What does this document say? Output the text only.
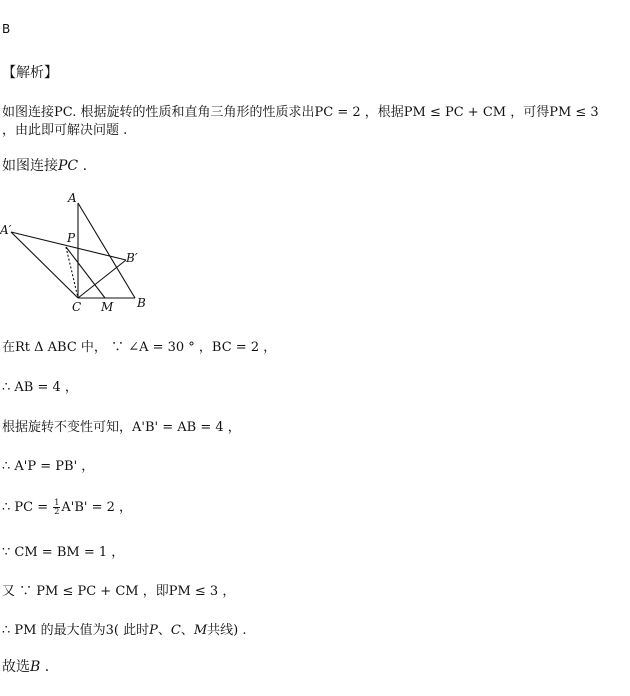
B
【解析】
如图连接PC. 根据旋转的性质和直角三角形的性质求出PC = 2 ，根据PM ≤ PC + CM ，可得PM ≤ 3
，由此即可解决问题 .
如图连接PC .
A
A′
P
B′
C M B
在Rt Δ ABC 中， ∵ ∠A = 30 ° ，BC = 2 ，
∴ AB = 4 ，
根据旋转不变性可知，A'B' = AB = 4 ，
∴ A'P = PB' ，
∴ PC = $\frac{1}{2} A'B' = 2$ ，
∵ CM = BM = 1 ，
又 ∵ PM ≤ PC + CM ，即PM ≤ 3 ，
∴ PM 的最大值为3( 此时P、C、M共线) .
故选B .
